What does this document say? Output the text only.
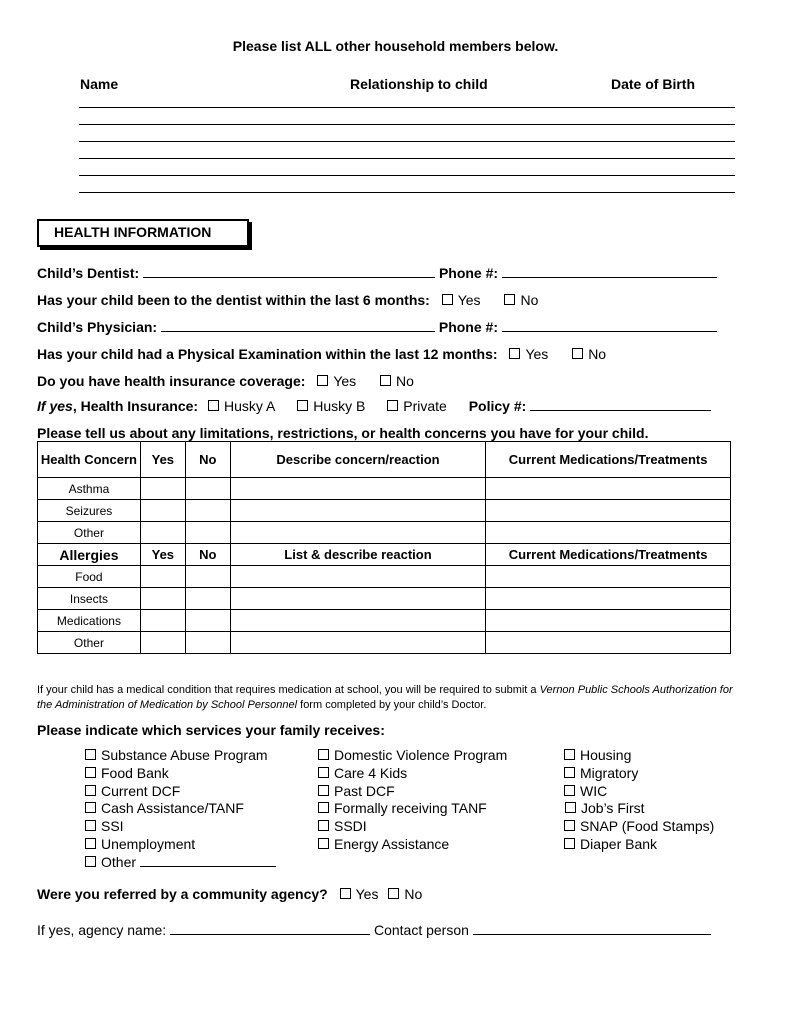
Please list ALL other household members below.
Name	Relationship to child	Date of Birth
HEALTH INFORMATION
Child’s Dentist:	Phone #:
Has your child been to the dentist within the last 6 months: Yes	No
Child’s Physician:	Phone #:
Has your child had a Physical Examination within the last 12 months: Yes	No
Do you have health insurance coverage: Yes	No
If yes, Health Insurance: Husky A	Husky B	Private Policy #:
Please tell us about any limitations, restrictions, or health concerns you have for your child.
Health Concern	Yes	No	Describe concern/reaction	Current Medications/Treatments
Asthma				
Seizures				
Other				
Allergies	Yes	No	List & describe reaction	Current Medications/Treatments
Food				
Insects				
Medications				
Other				
If your child has a medical condition that requires medication at school, you will be required to submit a Vernon Public Schools Authorization for the Administration of Medication by School Personnel form completed by your child’s Doctor.
Please indicate which services your family receives:
Substance Abuse Program
Food Bank
Current DCF
Cash Assistance/TANF
SSI
Unemployment
Other
Domestic Violence Program
Care 4 Kids
Past DCF
Formally receiving TANF
SSDI
Energy Assistance
Housing
Migratory
WIC
Job’s First
SNAP (Food Stamps)
Diaper Bank
Were you referred by a community agency? Yes No
If yes, agency name:	Contact person
